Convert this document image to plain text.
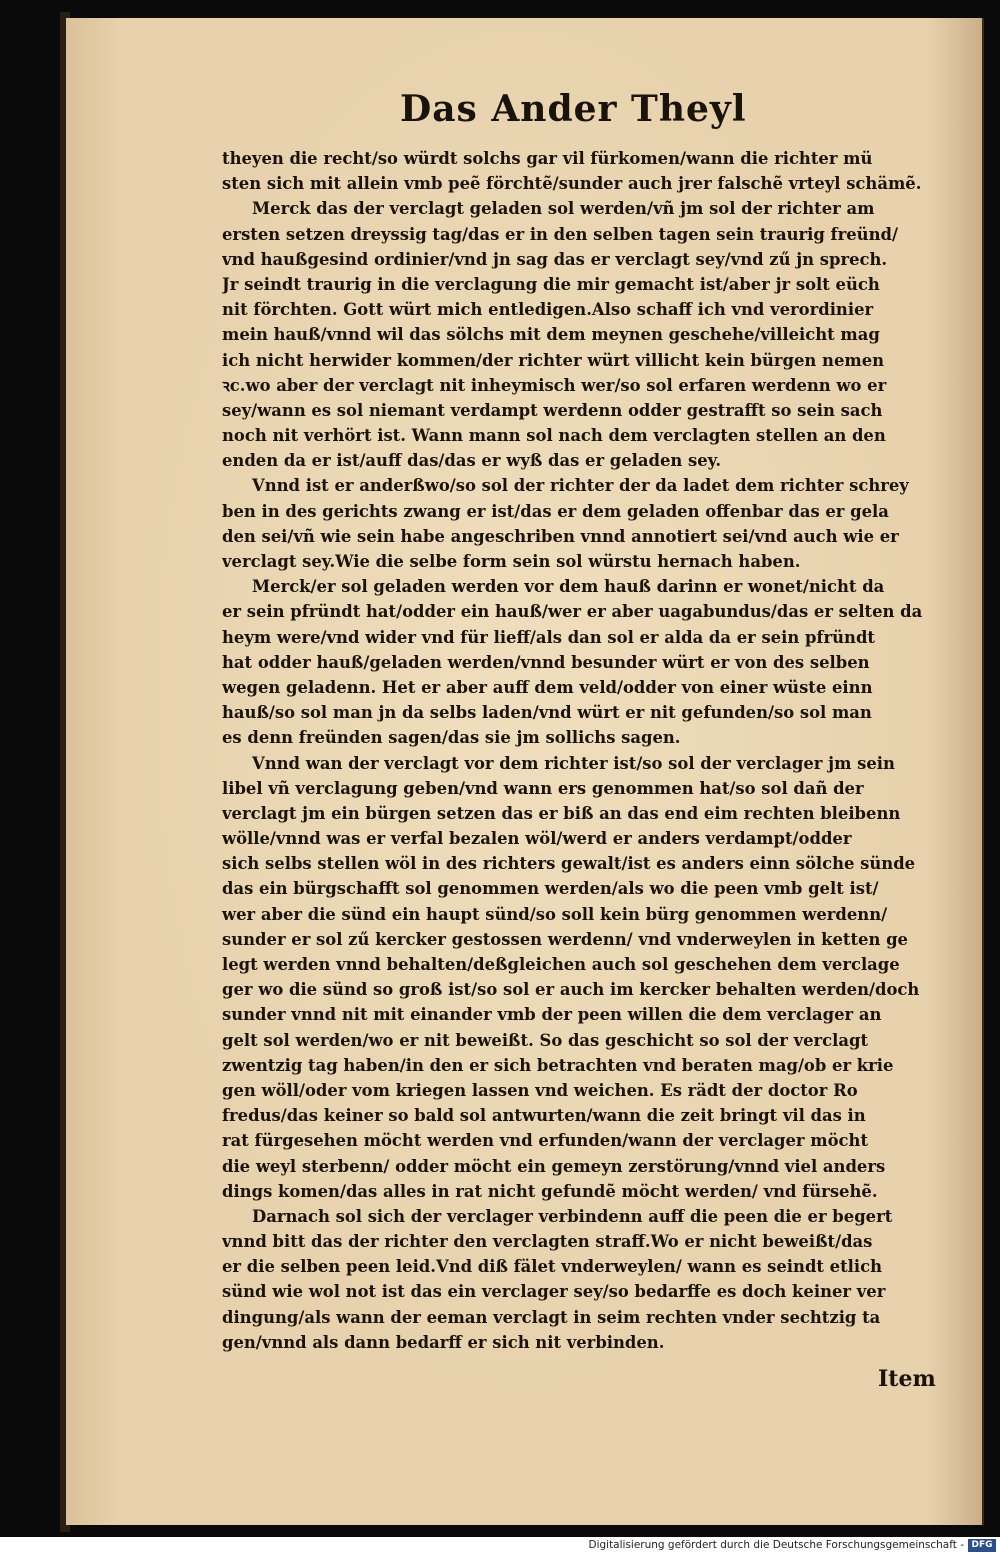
Das Ander Theyl
theyen die recht/so würdt solchs gar vil fürkomen/wann die richter mü
sten sich mit allein vmb peẽ förchtẽ/sunder auch jrer falschẽ vrteyl schämẽ.
Merck das der verclagt geladen sol werden/vñ jm sol der richter am
ersten setzen dreyssig tag/das er in den selben tagen sein traurig freünd/
vnd haußgesind ordinier/vnd jn sag das er verclagt sey/vnd zű jn sprech.
Jr seindt traurig in die verclagung die mir gemacht ist/aber jr solt eüch
nit förchten. Gott würt mich entledigen.Also schaff ich vnd verordinier
mein hauß/vnnd wil das sölchs mit dem meynen geschehe/villeicht mag
ich nicht herwider kommen/der richter würt villicht kein bürgen nemen
ꝛc.wo aber der verclagt nit inheymisch wer/so sol erfaren werdenn wo er
sey/wann es sol niemant verdampt werdenn odder gestrafft so sein sach
noch nit verhört ist. Wann mann sol nach dem verclagten stellen an den
enden da er ist/auff das/das er wyß das er geladen sey.
Vnnd ist er anderßwo/so sol der richter der da ladet dem richter schrey
ben in des gerichts zwang er ist/das er dem geladen offenbar das er gela
den sei/vñ wie sein habe angeschriben vnnd annotiert sei/vnd auch wie er
verclagt sey.Wie die selbe form sein sol würstu hernach haben.
Merck/er sol geladen werden vor dem hauß darinn er wonet/nicht da
er sein pfründt hat/odder ein hauß/wer er aber uagabundus/das er selten da
heym were/vnd wider vnd für lieff/als dan sol er alda da er sein pfründt
hat odder hauß/geladen werden/vnnd besunder würt er von des selben
wegen geladenn. Het er aber auff dem veld/odder von einer wüste einn
hauß/so sol man jn da selbs laden/vnd würt er nit gefunden/so sol man
es denn freünden sagen/das sie jm sollichs sagen.
Vnnd wan der verclagt vor dem richter ist/so sol der verclager jm sein
libel vñ verclagung geben/vnd wann ers genommen hat/so sol dañ der
verclagt jm ein bürgen setzen das er biß an das end eim rechten bleibenn
wölle/vnnd was er verfal bezalen wöl/werd er anders verdampt/odder
sich selbs stellen wöl in des richters gewalt/ist es anders einn sölche sünde
das ein bürgschafft sol genommen werden/als wo die peen vmb gelt ist/
wer aber die sünd ein haupt sünd/so soll kein bürg genommen werdenn/
sunder er sol zű kercker gestossen werdenn/ vnd vnderweylen in ketten ge
legt werden vnnd behalten/deßgleichen auch sol geschehen dem verclage
ger wo die sünd so groß ist/so sol er auch im kercker behalten werden/doch
sunder vnnd nit mit einander vmb der peen willen die dem verclager an
gelt sol werden/wo er nit beweißt. So das geschicht so sol der verclagt
zwentzig tag haben/in den er sich betrachten vnd beraten mag/ob er krie
gen wöll/oder vom kriegen lassen vnd weichen. Es rädt der doctor Ro
fredus/das keiner so bald sol antwurten/wann die zeit bringt vil das in
rat fürgesehen möcht werden vnd erfunden/wann der verclager möcht
die weyl sterbenn/ odder möcht ein gemeyn zerstörung/vnnd viel anders
dings komen/das alles in rat nicht gefundẽ möcht werden/ vnd fürsehẽ.
Darnach sol sich der verclager verbindenn auff die peen die er begert
vnnd bitt das der richter den verclagten straff.Wo er nicht beweißt/das
er die selben peen leid.Vnd diß fälet vnderweylen/ wann es seindt etlich
sünd wie wol not ist das ein verclager sey/so bedarffe es doch keiner ver
dingung/als wann der eeman verclagt in seim rechten vnder sechtzig ta
gen/vnnd als dann bedarff er sich nit verbinden.
Item
Digitalisierung gefördert durch die Deutsche Forschungsgemeinschaft - DFG
